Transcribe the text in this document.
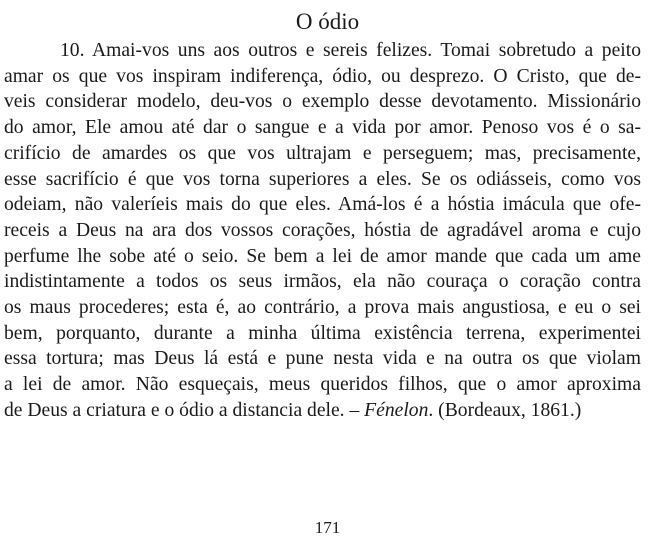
O ódio
10. Amai-vos uns aos outros e sereis felizes. Tomai sobretudo a peito
amar os que vos inspiram indiferença, ódio, ou desprezo. O Cristo, que de-
veis considerar modelo, deu-vos o exemplo desse devotamento. Missionário
do amor, Ele amou até dar o sangue e a vida por amor. Penoso vos é o sa-
crifício de amardes os que vos ultrajam e perseguem; mas, precisamente,
esse sacrifício é que vos torna superiores a eles. Se os odiásseis, como vos
odeiam, não valeríeis mais do que eles. Amá-los é a hóstia imácula que ofe-
receis a Deus na ara dos vossos corações, hóstia de agradável aroma e cujo
perfume lhe sobe até o seio. Se bem a lei de amor mande que cada um ame
indistintamente a todos os seus irmãos, ela não couraça o coração contra
os maus procederes; esta é, ao contrário, a prova mais angustiosa, e eu o sei
bem, porquanto, durante a minha última existência terrena, experimentei
essa tortura; mas Deus lá está e pune nesta vida e na outra os que violam
a lei de amor. Não esqueçais, meus queridos filhos, que o amor aproxima
de Deus a criatura e o ódio a distancia dele. – Fénelon. (Bordeaux, 1861.)
171
